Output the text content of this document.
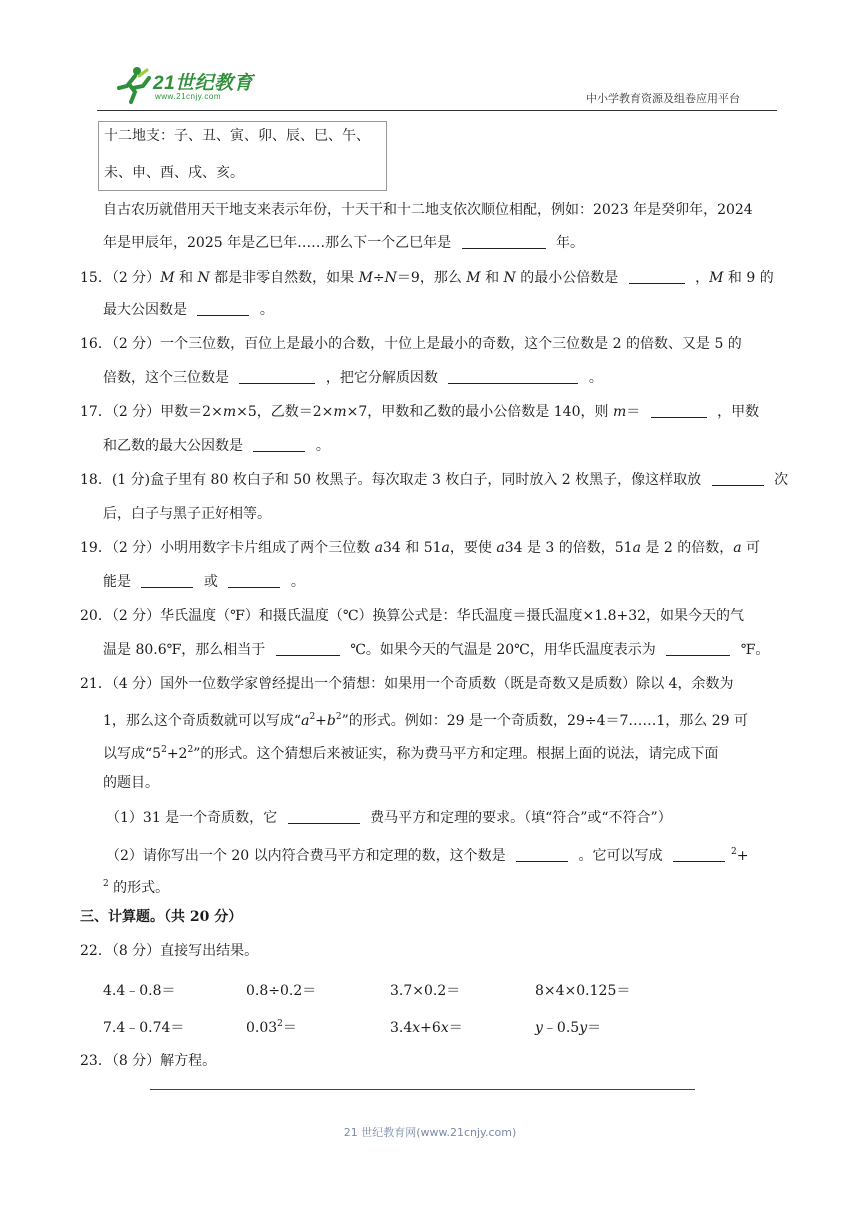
21世纪教育
www.21cnjy.com	中小学教育资源及组卷应用平台
十二地支：子、丑、寅、卯、辰、巳、午、
未、申、酉、戌、亥。
自古农历就借用天干地支来表示年份，十天干和十二地支依次顺位相配，例如：2023 年是癸卯年，2024
年是甲辰年，2025 年是乙巳年……那么下一个乙巳年是	年。
15．（2 分）M 和 N 都是非零自然数，如果 M÷N＝9，那么 M 和 N 的最小公倍数是	，M 和 9 的
最大公因数是	。
16．（2 分）一个三位数，百位上是最小的合数，十位上是最小的奇数，这个三位数是 2 的倍数、又是 5 的
倍数，这个三位数是	，把它分解质因数	。
17．（2 分）甲数＝2×m×5，乙数＝2×m×7，甲数和乙数的最小公倍数是 140，则 m＝	，甲数
和乙数的最大公因数是	。
18．(1 分)盒子里有 80 枚白子和 50 枚黑子。每次取走 3 枚白子，同时放入 2 枚黑子，像这样取放	次
后，白子与黑子正好相等。
19．（2 分）小明用数字卡片组成了两个三位数 a34 和 51a，要使 a34 是 3 的倍数，51a 是 2 的倍数，a 可
能是	或	。
20．（2 分）华氏温度（℉）和摄氏温度（℃）换算公式是：华氏温度＝摄氏温度×1.8+32，如果今天的气
温是 80.6℉，那么相当于	℃。如果今天的气温是 20℃，用华氏温度表示为	℉。
21．（4 分）国外一位数学家曾经提出一个猜想：如果用一个奇质数（既是奇数又是质数）除以 4，余数为
1，那么这个奇质数就可以写成“$a^2+b^2$”的形式。例如：29 是一个奇质数，29÷4＝7……1，那么 29 可
以写成“$5^2+2^2$”的形式。这个猜想后来被证实，称为费马平方和定理。根据上面的说法，请完成下面
的题目。
（1）31 是一个奇质数，它	费马平方和定理的要求。（填“符合”或“不符合”）
（2）请你写出一个 20 以内符合费马平方和定理的数，这个数是	。它可以写成	$^2$+
$^2$ 的形式。
三、计算题。（共 20 分）
22．（8 分）直接写出结果。
4.4﹣0.8＝	0.8÷0.2＝	3.7×0.2＝	8×4×0.125＝
7.4﹣0.74＝	$0.03^2=$	3.4x+6x＝	y﹣0.5y＝
23．（8 分）解方程。
21 世纪教育网(www.21cnjy.com)
